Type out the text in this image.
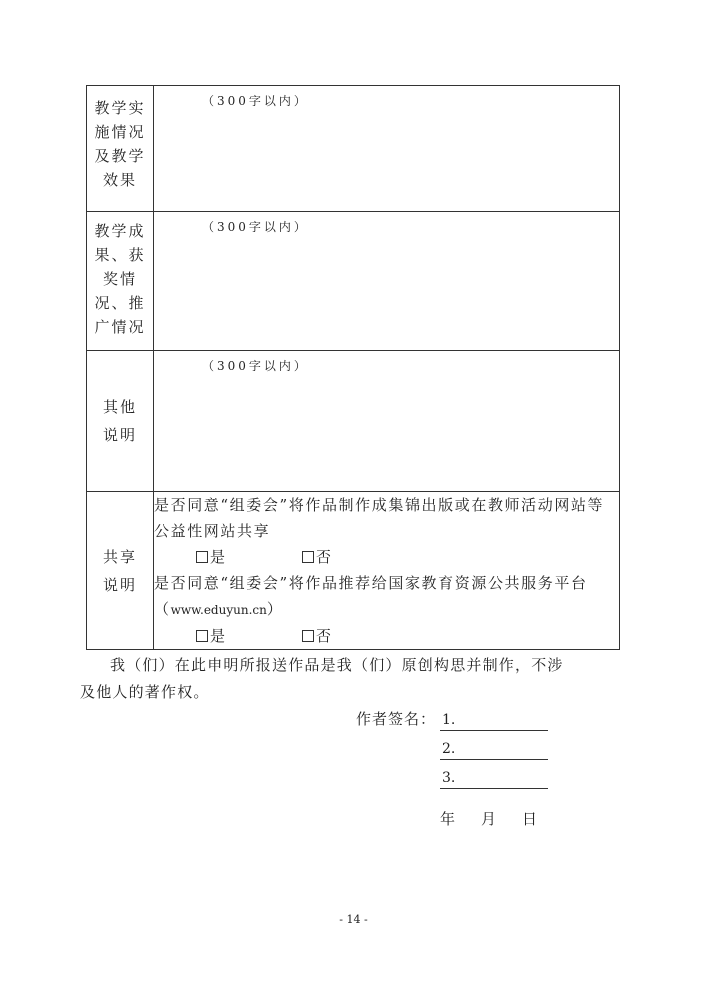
教学实施情况及教学效果	（300字以内）

教学成果、获奖情况、推广情况	（300字以内）

其他说明	（300字以内）

共享说明	是否同意“组委会”将作品制作成集锦出版或在教师活动网站等公益性网站共享
是 否
是否同意“组委会”将作品推荐给国家教育资源公共服务平台（www.eduyun.cn）
是 否

我（们）在此申明所报送作品是我（们）原创构思并制作，不涉

及他人的著作权。

作者签名： 1.
2.
3.
年 月 日
- 14 -
